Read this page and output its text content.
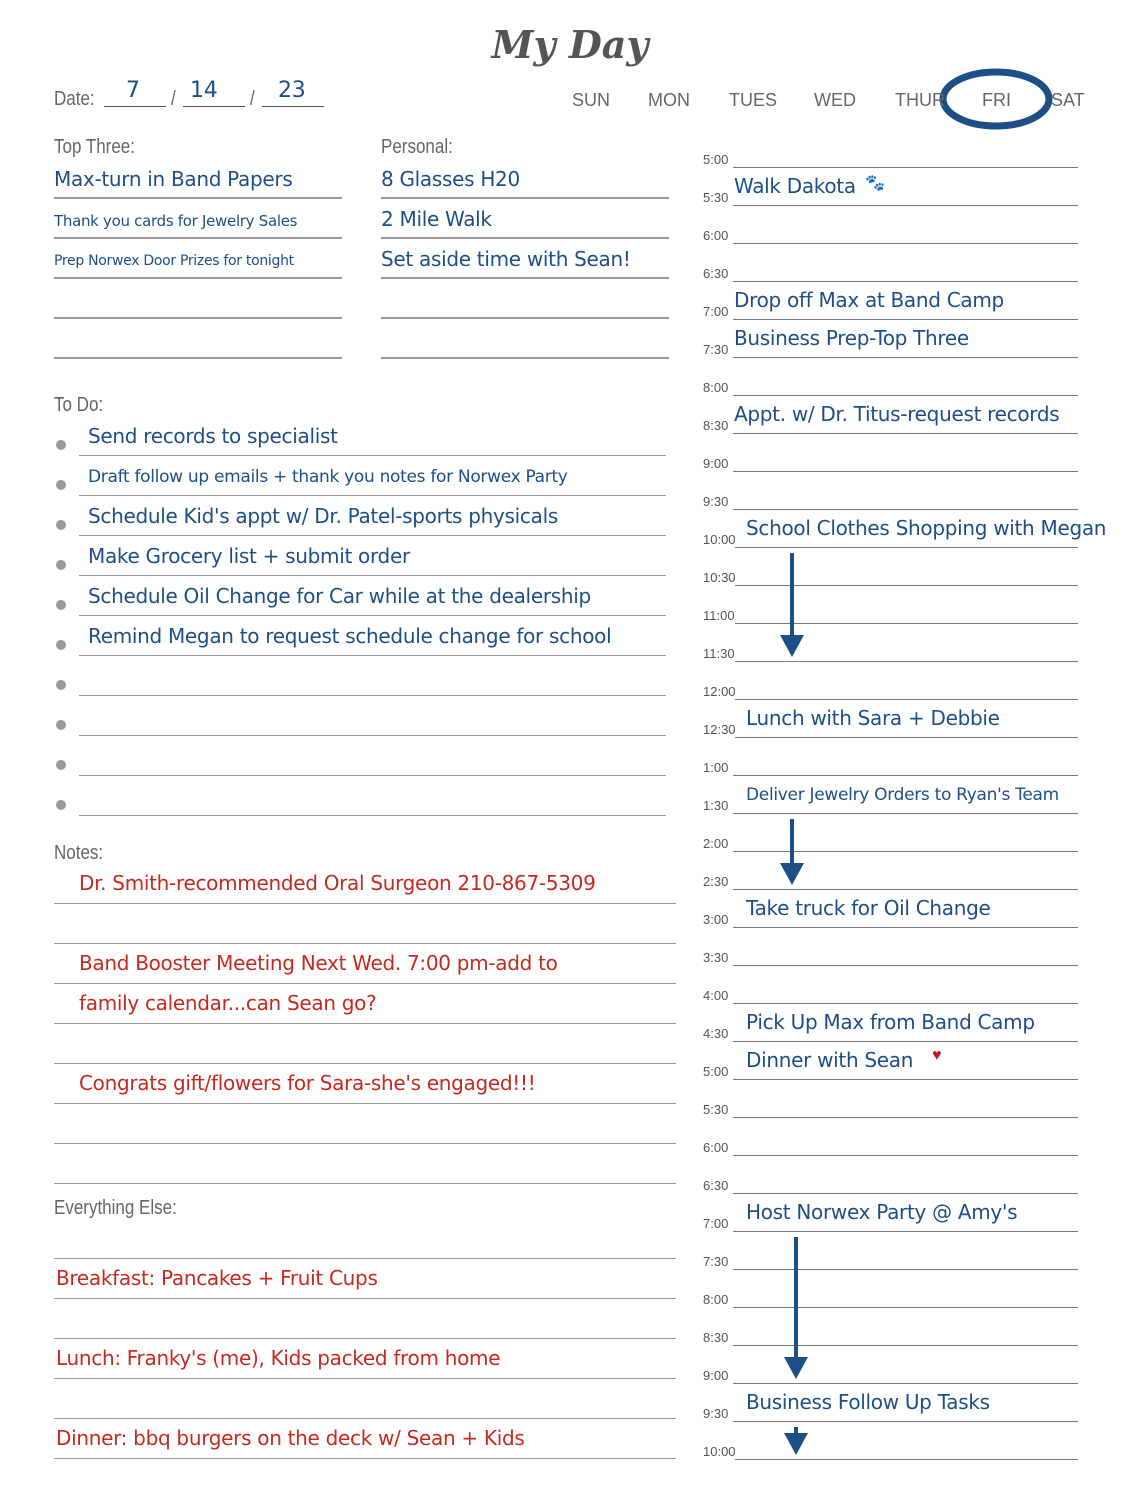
My Day
Date: 7 / 14 / 23
Top Three:	Personal:
To Do:
Notes:
Everything Else:
SUN MON TUES WED THUR FRI SAT
Max-turn in Band Papers
Thank you cards for Jewelry Sales
Prep Norwex Door Prizes for tonight
8 Glasses H20
2 Mile Walk
Set aside time with Sean!
Send records to specialist
Draft follow up emails + thank you notes for Norwex Party
Schedule Kid's appt w/ Dr. Patel-sports physicals
Make Grocery list + submit order
Schedule Oil Change for Car while at the dealership
Remind Megan to request schedule change for school
Dr. Smith-recommended Oral Surgeon 210-867-5309
Band Booster Meeting Next Wed. 7:00 pm-add to
family calendar...can Sean go?
Congrats gift/flowers for Sara-she's engaged!!!
Breakfast: Pancakes + Fruit Cups
Lunch: Franky's (me), Kids packed from home
Dinner: bbq burgers on the deck w/ Sean + Kids
5:00
5:30 Walk Dakota 🐾
6:00
6:30
7:00 Drop off Max at Band Camp
7:30 Business Prep-Top Three
8:00
8:30 Appt. w/ Dr. Titus-request records
9:00
9:30
10:00 School Clothes Shopping with Megan
10:30
11:00
11:30
12:00
12:30 Lunch with Sara + Debbie
1:00
1:30
Deliver Jewelry Orders to Ryan's Team
2:00
2:30
3:00 Take truck for Oil Change
3:30
4:00
4:30 Pick Up Max from Band Camp
5:00 Dinner with Sean ♥
5:30
6:00
6:30
7:00 Host Norwex Party @ Amy's
7:30
8:00
8:30
9:00
9:30 Business Follow Up Tasks
10:00
